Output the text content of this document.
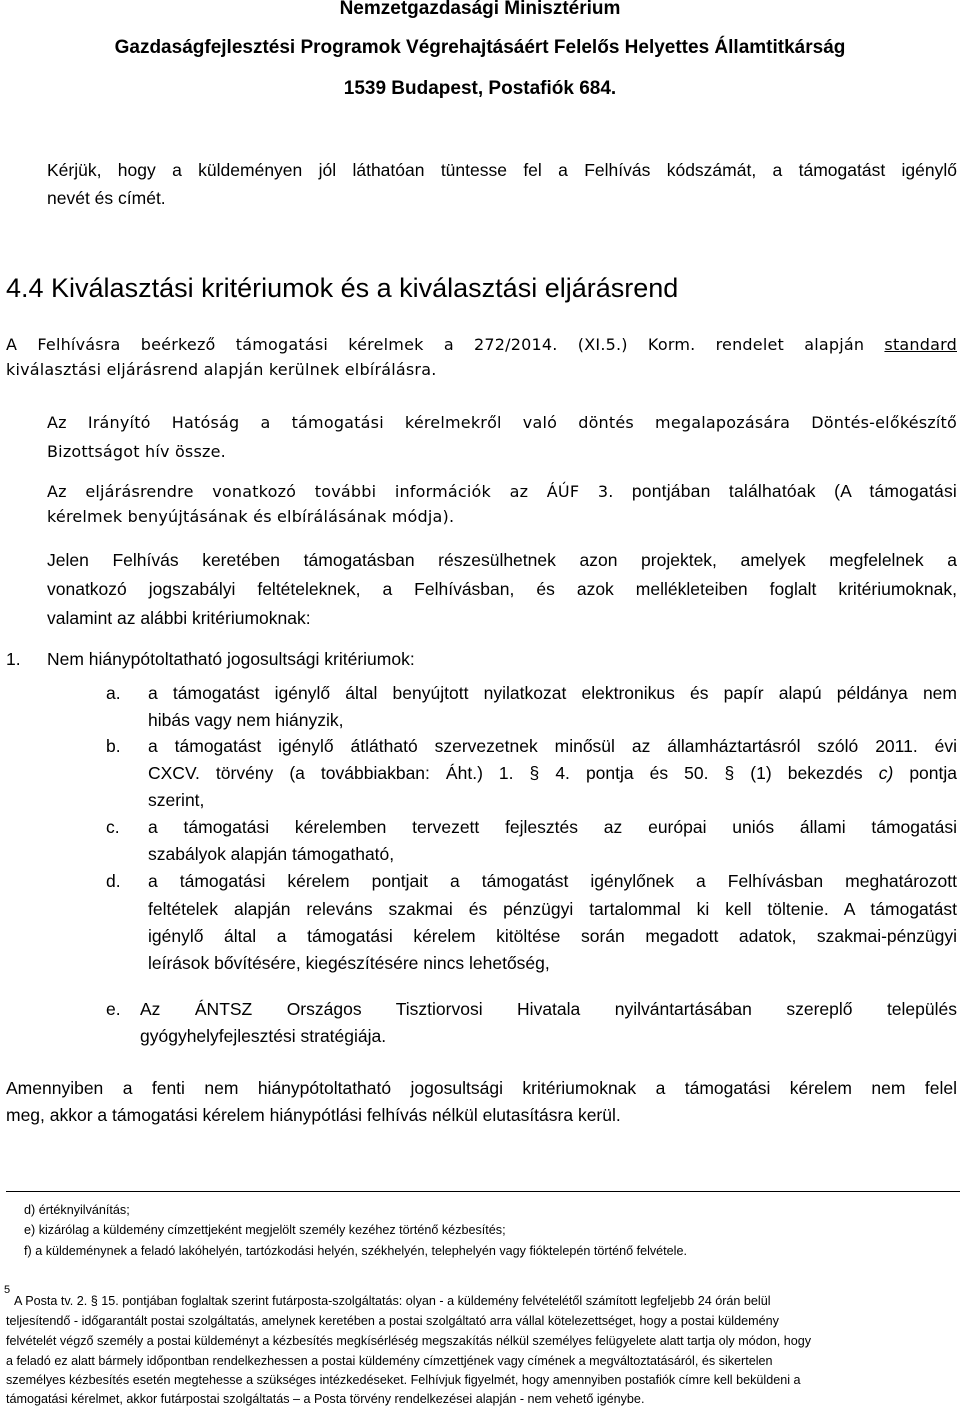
Nemzetgazdasági Minisztérium
Gazdaságfejlesztési Programok Végrehajtásáért Felelős Helyettes Államtitkárság
1539 Budapest, Postafiók 684.
Kérjük, hogy a küldeményen jól láthatóan tüntesse fel a Felhívás kódszámát, a támogatást igénylő
nevét és címét.
4.4 Kiválasztási kritériumok és a kiválasztási eljárásrend
A Felhívásra beérkező támogatási kérelmek a 272/2014. (XI.5.) Korm. rendelet alapján standard
kiválasztási eljárásrend alapján kerülnek elbírálásra.
Az Irányító Hatóság a támogatási kérelmekről való döntés megalapozására Döntés-előkészítő
Bizottságot hív össze.
Az eljárásrendre vonatkozó további információk az ÁÚF 3. pontjában találhatóak (A támogatási
kérelmek benyújtásának és elbírálásának módja).
Jelen Felhívás keretében támogatásban részesülhetnek azon projektek, amelyek megfelelnek a
vonatkozó jogszabályi feltételeknek, a Felhívásban, és azok mellékleteiben foglalt kritériumoknak,
valamint az alábbi kritériumoknak:
1. Nem hiánypótoltatható jogosultsági kritériumok:
a. a támogatást igénylő által benyújtott nyilatkozat elektronikus és papír alapú példánya nem
hibás vagy nem hiányzik,
b. a támogatást igénylő átlátható szervezetnek minősül az államháztartásról szóló 2011. évi
CXCV. törvény (a továbbiakban: Áht.) 1. § 4. pontja és 50. § (1) bekezdés c) pontja
szerint,
c. a támogatási kérelemben tervezett fejlesztés az európai uniós állami támogatási
szabályok alapján támogatható,
d. a támogatási kérelem pontjait a támogatást igénylőnek a Felhívásban meghatározott
feltételek alapján releváns szakmai és pénzügyi tartalommal ki kell töltenie. A támogatást
igénylő által a támogatási kérelem kitöltése során megadott adatok, szakmai-pénzügyi
leírások bővítésére, kiegészítésére nincs lehetőség,
e. Az ÁNTSZ Országos Tisztiorvosi Hivatala nyilvántartásában szereplő település
gyógyhelyfejlesztési stratégiája.
Amennyiben a fenti nem hiánypótoltatható jogosultsági kritériumoknak a támogatási kérelem nem felel
meg, akkor a támogatási kérelem hiánypótlási felhívás nélkül elutasításra kerül.
d) értéknyilvánítás;
e) kizárólag a küldemény címzettjeként megjelölt személy kezéhez történő kézbesítés;
f) a küldeménynek a feladó lakóhelyén, tartózkodási helyén, székhelyén, telephelyén vagy fióktelepén történő felvétele.
5
A Posta tv. 2. § 15. pontjában foglaltak szerint futárposta-szolgáltatás: olyan - a küldemény felvételétől számított legfeljebb 24 órán belül
teljesítendő - időgarantált postai szolgáltatás, amelynek keretében a postai szolgáltató arra vállal kötelezettséget, hogy a postai küldemény
felvételét végző személy a postai küldeményt a kézbesítés megkísérléség megszakítás nélkül személyes felügyelete alatt tartja oly módon, hogy
a feladó ez alatt bármely időpontban rendelkezhessen a postai küldemény címzettjének vagy címének a megváltoztatásáról, és sikertelen
személyes kézbesítés esetén megtehesse a szükséges intézkedéseket. Felhívjuk figyelmét, hogy amennyiben postafiók címre kell beküldeni a
támogatási kérelmet, akkor futárpostai szolgáltatás – a Posta törvény rendelkezései alapján - nem vehető igénybe.
